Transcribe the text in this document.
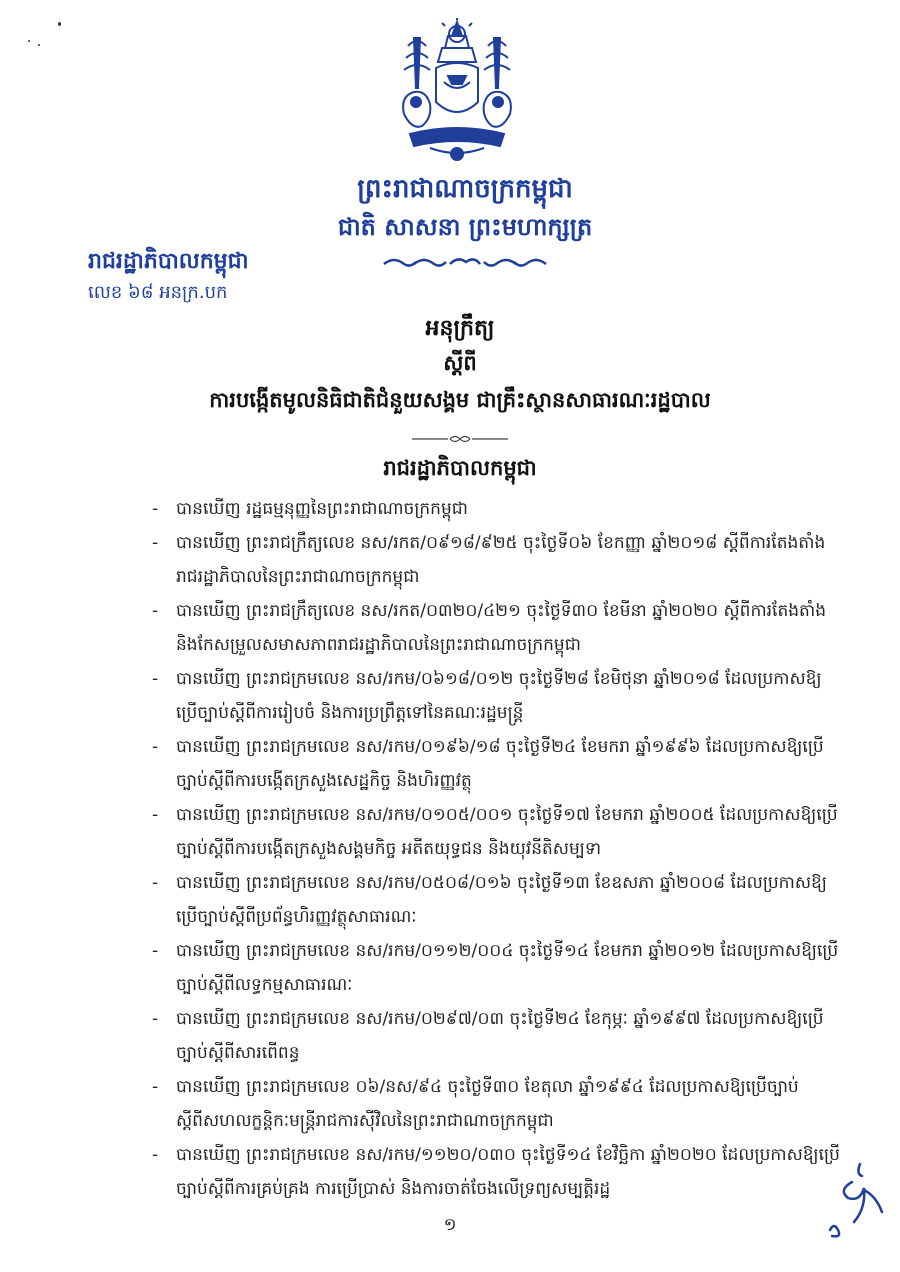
ព្រះរាជាណាចក្រកម្ពុជា
ជាតិ សាសនា ព្រះមហាក្សត្រ
រាជរដ្ឋាភិបាលកម្ពុជា
លេខ ៦៨ អនក្រ.បក
អនុក្រឹត្យ
ស្តីពី
ការបង្កើតមូលនិធិជាតិជំនួយសង្គម ជាគ្រឹះស្ថានសាធារណៈរដ្ឋបាល
រាជរដ្ឋាភិបាលកម្ពុជា
- បានឃើញ រដ្ឋធម្មនុញ្ញនៃព្រះរាជាណាចក្រកម្ពុជា
- បានឃើញ ព្រះរាជក្រឹត្យលេខ នស/រកត/០៩១៨/៩២៥ ចុះថ្ងៃទី០៦ ខែកញ្ញា ឆ្នាំ២០១៨ ស្តីពីការតែងតាំងរាជរដ្ឋាភិបាលនៃព្រះរាជាណាចក្រកម្ពុជា
- បានឃើញ ព្រះរាជក្រឹត្យលេខ នស/រកត/០៣២០/៤២១ ចុះថ្ងៃទី៣០ ខែមីនា ឆ្នាំ២០២០ ស្តីពីការតែងតាំងនិងកែសម្រួលសមាសភាពរាជរដ្ឋាភិបាលនៃព្រះរាជាណាចក្រកម្ពុជា
- បានឃើញ ព្រះរាជក្រមលេខ នស/រកម/០៦១៨/០១២ ចុះថ្ងៃទី២៨ ខែមិថុនា ឆ្នាំ២០១៨ ដែលប្រកាសឱ្យប្រើច្បាប់ស្តីពីការរៀបចំ និងការប្រព្រឹត្តទៅនៃគណៈរដ្ឋមន្ត្រី
- បានឃើញ ព្រះរាជក្រមលេខ នស/រកម/០១៩៦/១៨ ចុះថ្ងៃទី២៤ ខែមករា ឆ្នាំ១៩៩៦ ដែលប្រកាសឱ្យប្រើច្បាប់ស្តីពីការបង្កើតក្រសួងសេដ្ឋកិច្ច និងហិរញ្ញវត្ថុ
- បានឃើញ ព្រះរាជក្រមលេខ នស/រកម/០១០៥/០០១ ចុះថ្ងៃទី១៧ ខែមករា ឆ្នាំ២០០៥ ដែលប្រកាសឱ្យប្រើច្បាប់ស្តីពីការបង្កើតក្រសួងសង្គមកិច្ច អតីតយុទ្ធជន និងយុវនីតិសម្បទា
- បានឃើញ ព្រះរាជក្រមលេខ នស/រកម/០៥០៨/០១៦ ចុះថ្ងៃទី១៣ ខែឧសភា ឆ្នាំ២០០៨ ដែលប្រកាសឱ្យប្រើច្បាប់ស្តីពីប្រព័ន្ធហិរញ្ញវត្ថុសាធារណៈ
- បានឃើញ ព្រះរាជក្រមលេខ នស/រកម/០១១២/០០៤ ចុះថ្ងៃទី១៤ ខែមករា ឆ្នាំ២០១២ ដែលប្រកាសឱ្យប្រើច្បាប់ស្តីពីលទ្ធកម្មសាធារណៈ
- បានឃើញ ព្រះរាជក្រមលេខ នស/រកម/០២៩៧/០៣ ចុះថ្ងៃទី២៤ ខែកុម្ភៈ ឆ្នាំ១៩៩៧ ដែលប្រកាសឱ្យប្រើច្បាប់ស្តីពីសារពើពន្ធ
- បានឃើញ ព្រះរាជក្រមលេខ ០៦/នស/៩៤ ចុះថ្ងៃទី៣០ ខែតុលា ឆ្នាំ១៩៩៤ ដែលប្រកាសឱ្យប្រើច្បាប់ស្តីពីសហលក្ខន្តិកៈមន្ត្រីរាជការស៊ីវិលនៃព្រះរាជាណាចក្រកម្ពុជា
- បានឃើញ ព្រះរាជក្រមលេខ នស/រកម/១១២០/០៣០ ចុះថ្ងៃទី១៤ ខែវិច្ឆិកា ឆ្នាំ២០២០ ដែលប្រកាសឱ្យប្រើច្បាប់ស្តីពីការគ្រប់គ្រង ការប្រើប្រាស់ និងការចាត់ចែងលើទ្រព្យសម្បត្តិរដ្ឋ
១
